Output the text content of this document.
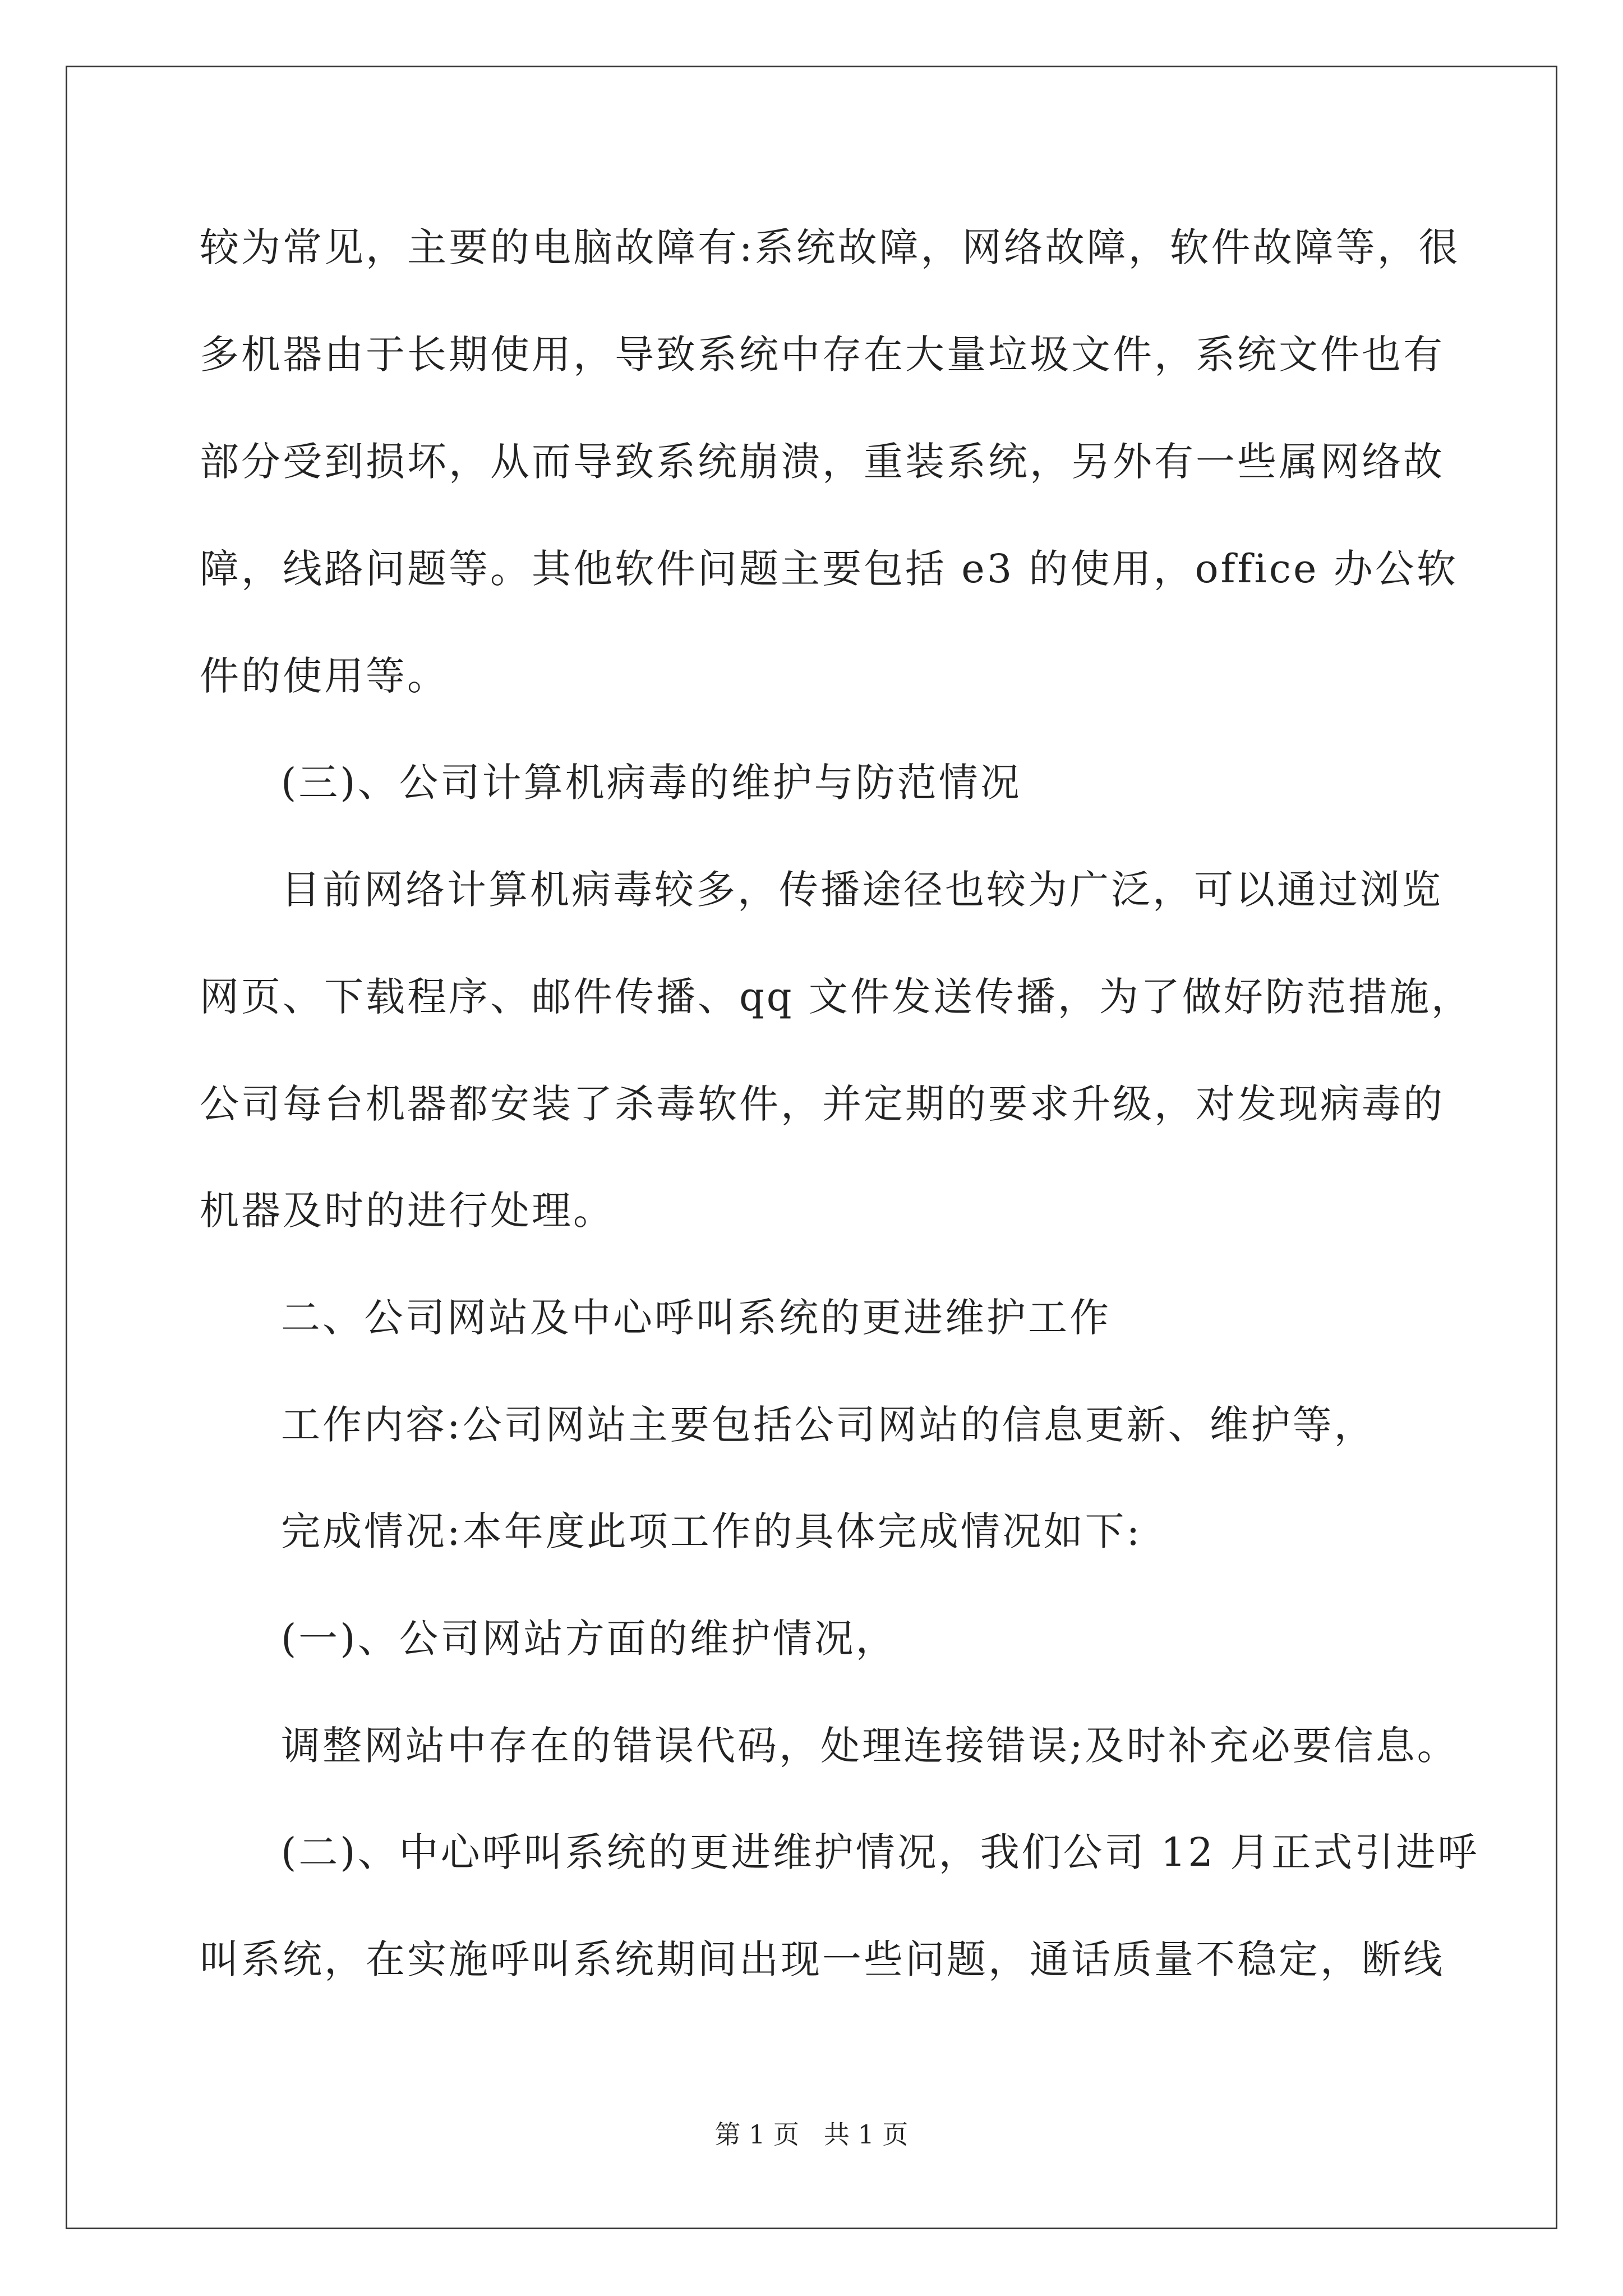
较为常见，主要的电脑故障有:系统故障，网络故障，软件故障等，很

多机器由于长期使用，导致系统中存在大量垃圾文件，系统文件也有

部分受到损坏，从而导致系统崩溃，重装系统，另外有一些属网络故

障，线路问题等。其他软件问题主要包括 e3 的使用，office 办公软

件的使用等。

(三)、公司计算机病毒的维护与防范情况

目前网络计算机病毒较多，传播途径也较为广泛，可以通过浏览

网页、下载程序、邮件传播、qq 文件发送传播，为了做好防范措施，

公司每台机器都安装了杀毒软件，并定期的要求升级，对发现病毒的

机器及时的进行处理。

二、公司网站及中心呼叫系统的更进维护工作

工作内容:公司网站主要包括公司网站的信息更新、维护等，

完成情况:本年度此项工作的具体完成情况如下:

(一)、公司网站方面的维护情况，

调整网站中存在的错误代码，处理连接错误;及时补充必要信息。

(二)、中心呼叫系统的更进维护情况，我们公司 12 月正式引进呼

叫系统，在实施呼叫系统期间出现一些问题，通话质量不稳定，断线

第 1 页   共 1 页
